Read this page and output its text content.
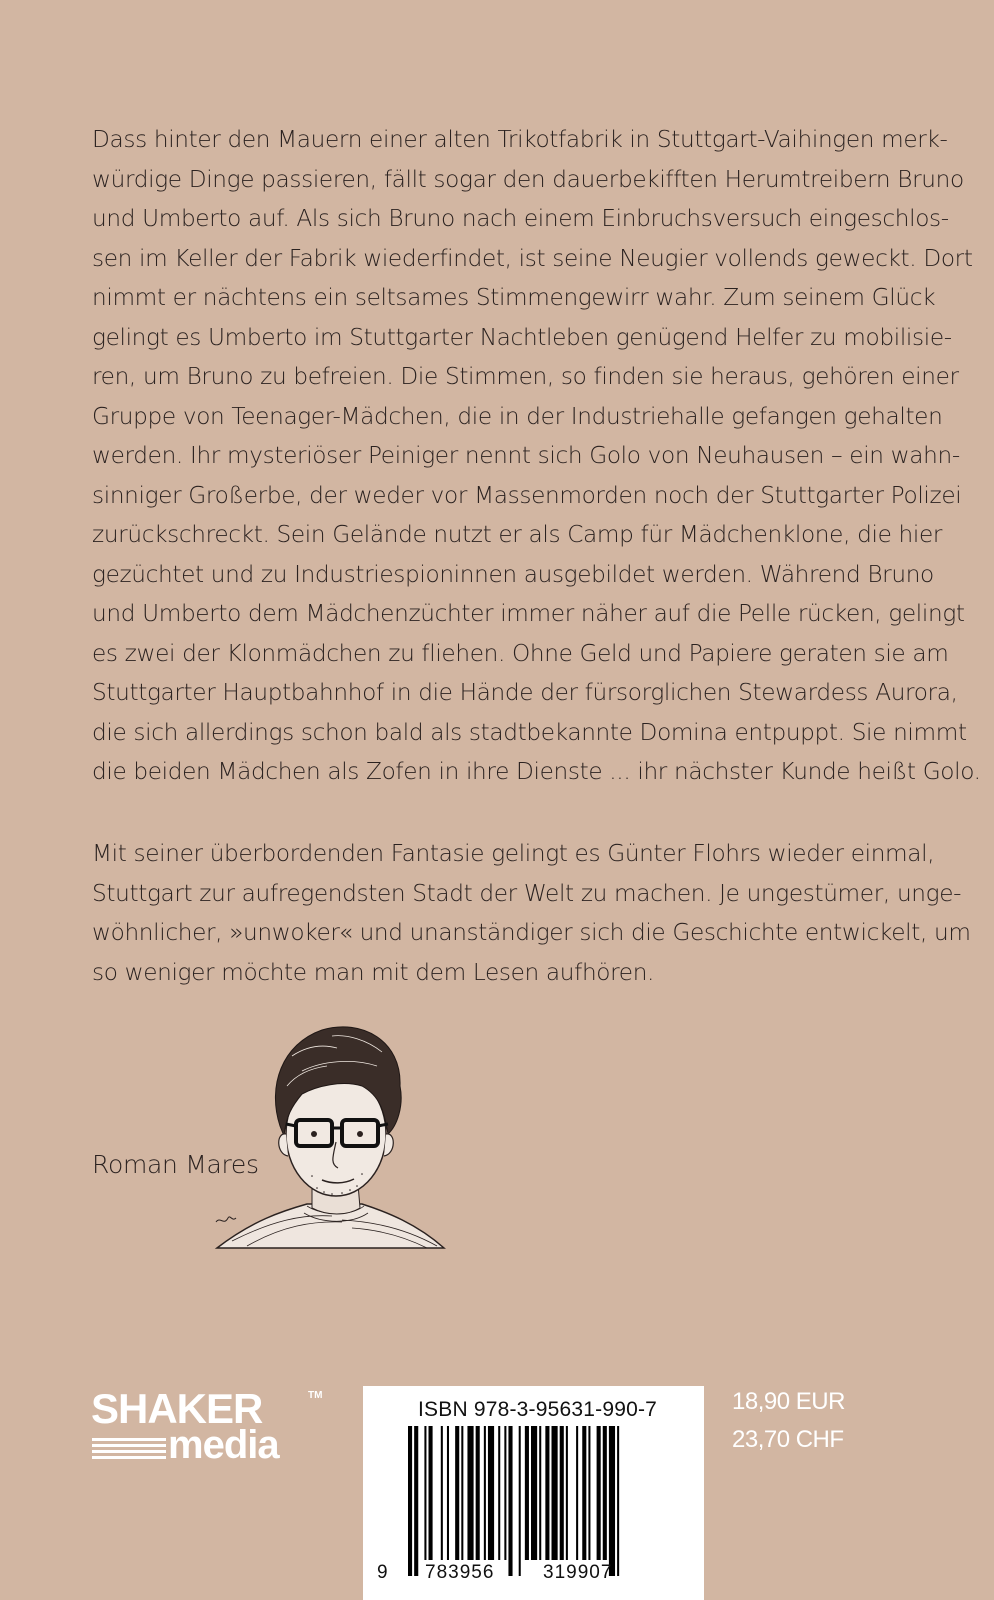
Dass hinter den Mauern einer alten Trikotfabrik in Stuttgart-Vaihingen merk-
würdige Dinge passieren, fällt sogar den dauerbekifften Herumtreibern Bruno
und Umberto auf. Als sich Bruno nach einem Einbruchsversuch eingeschlos-
sen im Keller der Fabrik wiederfindet, ist seine Neugier vollends geweckt. Dort
nimmt er nächtens ein seltsames Stimmengewirr wahr. Zum seinem Glück
gelingt es Umberto im Stuttgarter Nachtleben genügend Helfer zu mobilisie-
ren, um Bruno zu befreien. Die Stimmen, so finden sie heraus, gehören einer
Gruppe von Teenager-Mädchen, die in der Industriehalle gefangen gehalten
werden. Ihr mysteriöser Peiniger nennt sich Golo von Neuhausen – ein wahn-
sinniger Großerbe, der weder vor Massenmorden noch der Stuttgarter Polizei
zurückschreckt. Sein Gelände nutzt er als Camp für Mädchenklone, die hier
gezüchtet und zu Industriespioninnen ausgebildet werden. Während Bruno
und Umberto dem Mädchenzüchter immer näher auf die Pelle rücken, gelingt
es zwei der Klonmädchen zu fliehen. Ohne Geld und Papiere geraten sie am
Stuttgarter Hauptbahnhof in die Hände der fürsorglichen Stewardess Aurora,
die sich allerdings schon bald als stadtbekannte Domina entpuppt. Sie nimmt
die beiden Mädchen als Zofen in ihre Dienste ... ihr nächster Kunde heißt Golo.
Mit seiner überbordenden Fantasie gelingt es Günter Flohrs wieder einmal,
Stuttgart zur aufregendsten Stadt der Welt zu machen. Je ungestümer, unge-
wöhnlicher, »unwoker« und unanständiger sich die Geschichte entwickelt, um
so weniger möchte man mit dem Lesen aufhören.
Roman Mares
SHAKER	TM
media
ISBN 978-3-95631-990-7
9 783956	319907
18,90 EUR
23,70 CHF
